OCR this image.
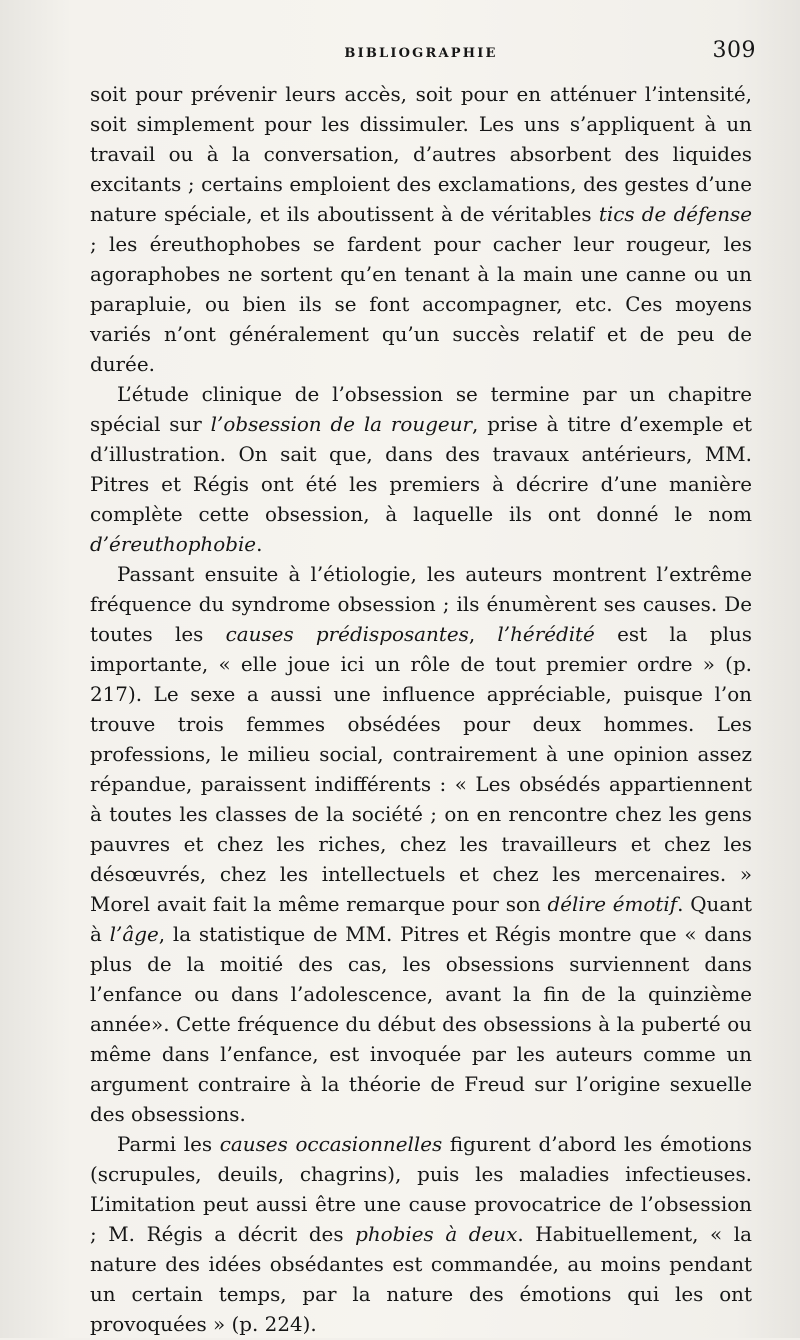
BIBLIOGRAPHIE	309

soit pour prévenir leurs accès, soit pour en atténuer l’intensité, soit simplement pour les dissimuler. Les uns s’appliquent à un travail ou à la conversation, d’autres absorbent des liquides excitants ; certains emploient des exclamations, des gestes d’une nature spéciale, et ils aboutissent à de véritables tics de défense ; les éreuthophobes se fardent pour cacher leur rougeur, les agoraphobes ne sortent qu’en tenant à la main une canne ou un parapluie, ou bien ils se font accompagner, etc. Ces moyens variés n’ont généralement qu’un succès relatif et de peu de durée.

L’étude clinique de l’obsession se termine par un chapitre spécial sur l’obsession de la rougeur, prise à titre d’exemple et d’illustration. On sait que, dans des travaux antérieurs, MM. Pitres et Régis ont été les premiers à décrire d’une manière complète cette obsession, à laquelle ils ont donné le nom d’éreuthophobie.

Passant ensuite à l’étiologie, les auteurs montrent l’extrême fréquence du syndrome obsession ; ils énumèrent ses causes. De toutes les causes prédisposantes, l’hérédité est la plus importante, « elle joue ici un rôle de tout premier ordre » (p. 217). Le sexe a aussi une influence appréciable, puisque l’on trouve trois femmes obsédées pour deux hommes. Les professions, le milieu social, contrairement à une opinion assez répandue, paraissent indifférents : « Les obsédés appartiennent à toutes les classes de la société ; on en rencontre chez les gens pauvres et chez les riches, chez les travailleurs et chez les désœuvrés, chez les intellectuels et chez les mercenaires. » Morel avait fait la même remarque pour son délire émotif. Quant à l’âge, la statistique de MM. Pitres et Régis montre que « dans plus de la moitié des cas, les obsessions surviennent dans l’enfance ou dans l’adolescence, avant la fin de la quinzième année». Cette fréquence du début des obsessions à la puberté ou même dans l’enfance, est invoquée par les auteurs comme un argument contraire à la théorie de Freud sur l’origine sexuelle des obsessions.

Parmi les causes occasionnelles figurent d’abord les émotions (scrupules, deuils, chagrins), puis les maladies infectieuses. L’imitation peut aussi être une cause provocatrice de l’obsession ; M. Régis a décrit des phobies à deux. Habituellement, « la nature des idées obsédantes est commandée, au moins pendant un certain temps, par la nature des émotions qui les ont provoquées » (p. 224).
